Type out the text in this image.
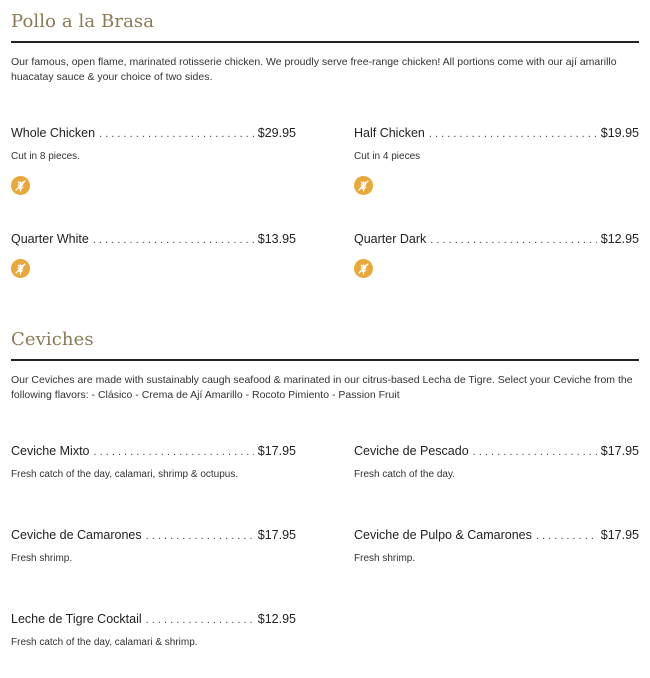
Pollo a la Brasa

Our famous, open flame, marinated rotisserie chicken. We proudly serve free-range chicken! All portions come with our ají amarillo huacatay sauce & your choice of two sides.

Whole Chicken . . .	$29.95
Cut in 8 pieces.
Half Chicken . . .	$19.95
Cut in 4 pieces
Quarter White . . .	$13.95	Quarter Dark . . .	$12.95
Ceviches

Our Ceviches are made with sustainably caugh seafood & marinated in our citrus-based Lecha de Tigre. Select your Ceviche from the following flavors: - Clásico - Crema de Ají Amarillo - Rocoto Pimiento - Passion Fruit

Ceviche Mixto . . .	$17.95
Fresh catch of the day, calamari, shrimp & octupus.
Ceviche de Pescado . . .	$17.95
Fresh catch of the day.
Ceviche de Camarones . . .	$17.95
Fresh shrimp.
Ceviche de Pulpo & Camarones . . .	$17.95
Fresh shrimp.
Leche de Tigre Cocktail . . .	$12.95
Fresh catch of the day, calamari & shrimp.
